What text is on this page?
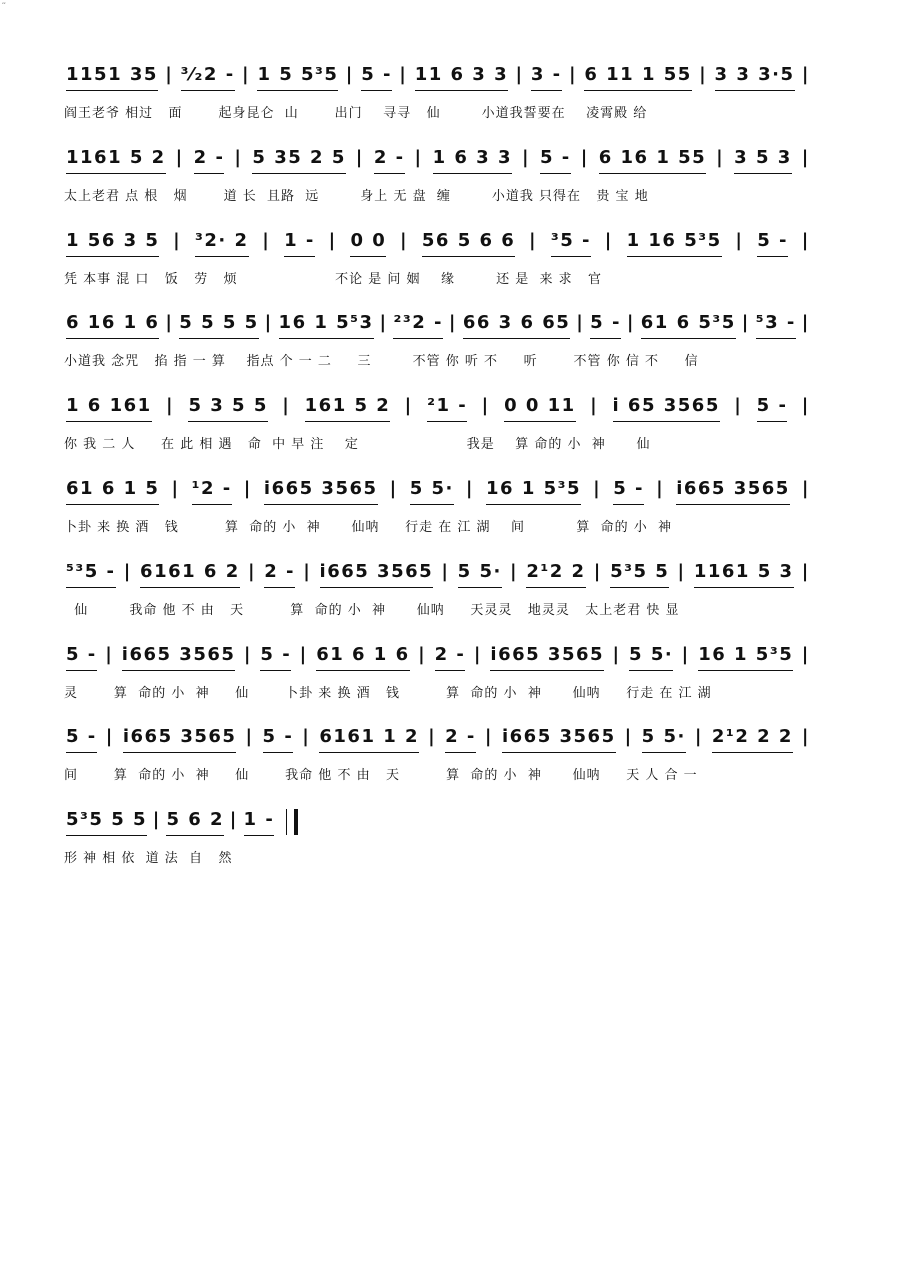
’’
1151 35 | ³⁄₂2 - | 1 5 5³5 | 5 - | 11 6 3 3 | 3 - | 6 11 1 55 | 3 3 3·5 |
阎王老爷 相过   面       起身昆仑  山       出门    寻寻   仙        小道我誓要在    凌霄殿 给
1161 5 2 | 2 - | 5 35 2 5 | 2 - | 1 6 3 3 | 5 - | 6 16 1 55 | 3 5 3 |
太上老君 点 根   烟       道 长  且路  远        身上 无 盘  缠        小道我 只得在   贵 宝 地
1 56 3 5 | ³2· 2 | 1 - | 0 0 | 56 5 6 6 | ³5 - | 1 16 5³5 | 5 - |
凭 本事 混 口   饭   劳   烦                   不论 是 问 姻    缘        还 是  来 求   官
6 16 1 6 | 5 5 5 5 | 16 1 5⁵3 | ²³2 - | 66 3 6 65 | 5 - | 61 6 5³5 | ⁵3 - |
小道我 念咒   掐 指 一 算    指点 个 一 二     三        不管 你 听 不     听       不管 你 信 不     信
1 6 161 | 5 3 5 5 | 161 5 2 | ²1 - | 0 0 11 | i 65 3565 | 5 - |
你 我 二 人     在 此 相 遇   命  中 早 注    定                     我是    算 命的 小  神      仙
61 6 1 5 | ¹2 - | i665 3565 | 5 5· | 16 1 5³5 | 5 - | i665 3565 |
卜卦 来 换 酒   钱         算  命的 小  神      仙呐     行走 在 江 湖    间          算  命的 小  神
⁵³5 - | 6161 6 2 | 2 - | i665 3565 | 5 5· | 2¹2 2 | 5³5 5 | 1161 5 3 |
仙        我命 他 不 由   天         算  命的 小  神      仙呐     天灵灵   地灵灵   太上老君 快 显
5 - | i665 3565 | 5 - | 61 6 1 6 | 2 - | i665 3565 | 5 5· | 16 1 5³5 |
灵       算  命的 小  神     仙       卜卦 来 换 酒   钱         算  命的 小  神      仙呐     行走 在 江 湖
5 - | i665 3565 | 5 - | 6161 1 2 | 2 - | i665 3565 | 5 5· | 2¹2 2 2 |
间       算  命的 小  神     仙       我命 他 不 由   天         算  命的 小  神      仙呐     天 人 合 一
5³5 5 5 | 5 6 2 | 1 -
形 神 相 依  道 法  自   然
